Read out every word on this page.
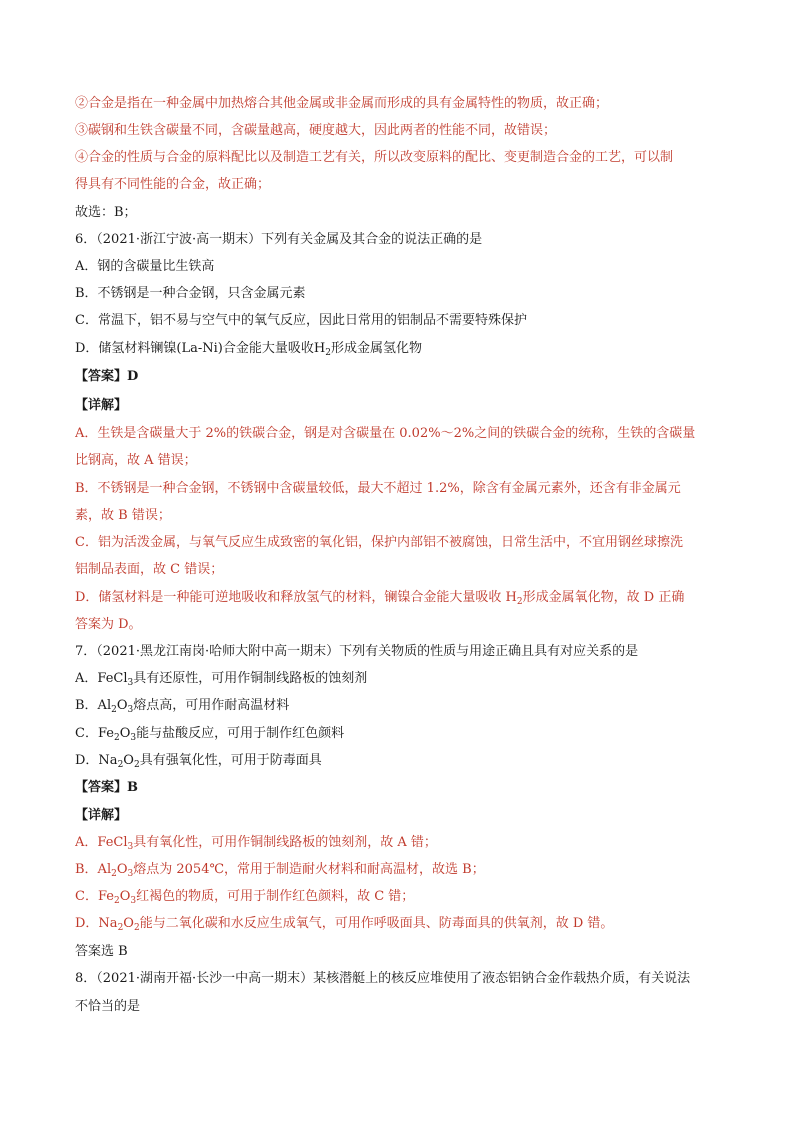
②合金是指在一种金属中加热熔合其他金属或非金属而形成的具有金属特性的物质，故正确；
③碳钢和生铁含碳量不同，含碳量越高，硬度越大，因此两者的性能不同，故错误；
④合金的性质与合金的原料配比以及制造工艺有关，所以改变原料的配比、变更制造合金的工艺，可以制
得具有不同性能的合金，故正确；
故选：B；
6．（2021·浙江宁波·高一期末）下列有关金属及其合金的说法正确的是
A．钢的含碳量比生铁高
B．不锈钢是一种合金钢，只含金属元素
C．常温下，铝不易与空气中的氧气反应，因此日常用的铝制品不需要特殊保护
D．储氢材料镧镍(La-Ni)合金能大量吸收$H_2$形成金属氢化物
【答案】D
【详解】
A．生铁是含碳量大于 2%的铁碳合金，钢是对含碳量在 0.02%～2%之间的铁碳合金的统称，生铁的含碳量
比钢高，故 A 错误；
B．不锈钢是一种合金钢，不锈钢中含碳量较低，最大不超过 1.2%，除含有金属元素外，还含有非金属元
素，故 B 错误；
C．铝为活泼金属，与氧气反应生成致密的氧化铝，保护内部铝不被腐蚀，日常生活中，不宜用钢丝球擦洗
铝制品表面，故 C 错误；
D．储氢材料是一种能可逆地吸收和释放氢气的材料，镧镍合金能大量吸收 $H_2$形成金属氧化物，故 D 正确
答案为 D。
7．（2021·黑龙江南岗·哈师大附中高一期末）下列有关物质的性质与用途正确且具有对应关系的是
A．FeCl$_3$具有还原性，可用作铜制线路板的蚀刻剂
B．$Al_2O_3$熔点高，可用作耐高温材料
C．$Fe_2O_3$能与盐酸反应，可用于制作红色颜料
D．$Na_2O_2$具有强氧化性，可用于防毒面具
【答案】B
【详解】
A．FeCl$_3$具有氧化性，可用作铜制线路板的蚀刻剂，故 A 错；
B．$Al_2O_3$熔点为 2054℃，常用于制造耐火材料和耐高温材，故选 B；
C．$Fe_2O_3$红褐色的物质，可用于制作红色颜料，故 C 错；
D．$Na_2O_2$能与二氧化碳和水反应生成氧气，可用作呼吸面具、防毒面具的供氧剂，故 D 错。
答案选 B
8．（2021·湖南开福·长沙一中高一期末）某核潜艇上的核反应堆使用了液态铝钠合金作载热介质，有关说法
不恰当的是
